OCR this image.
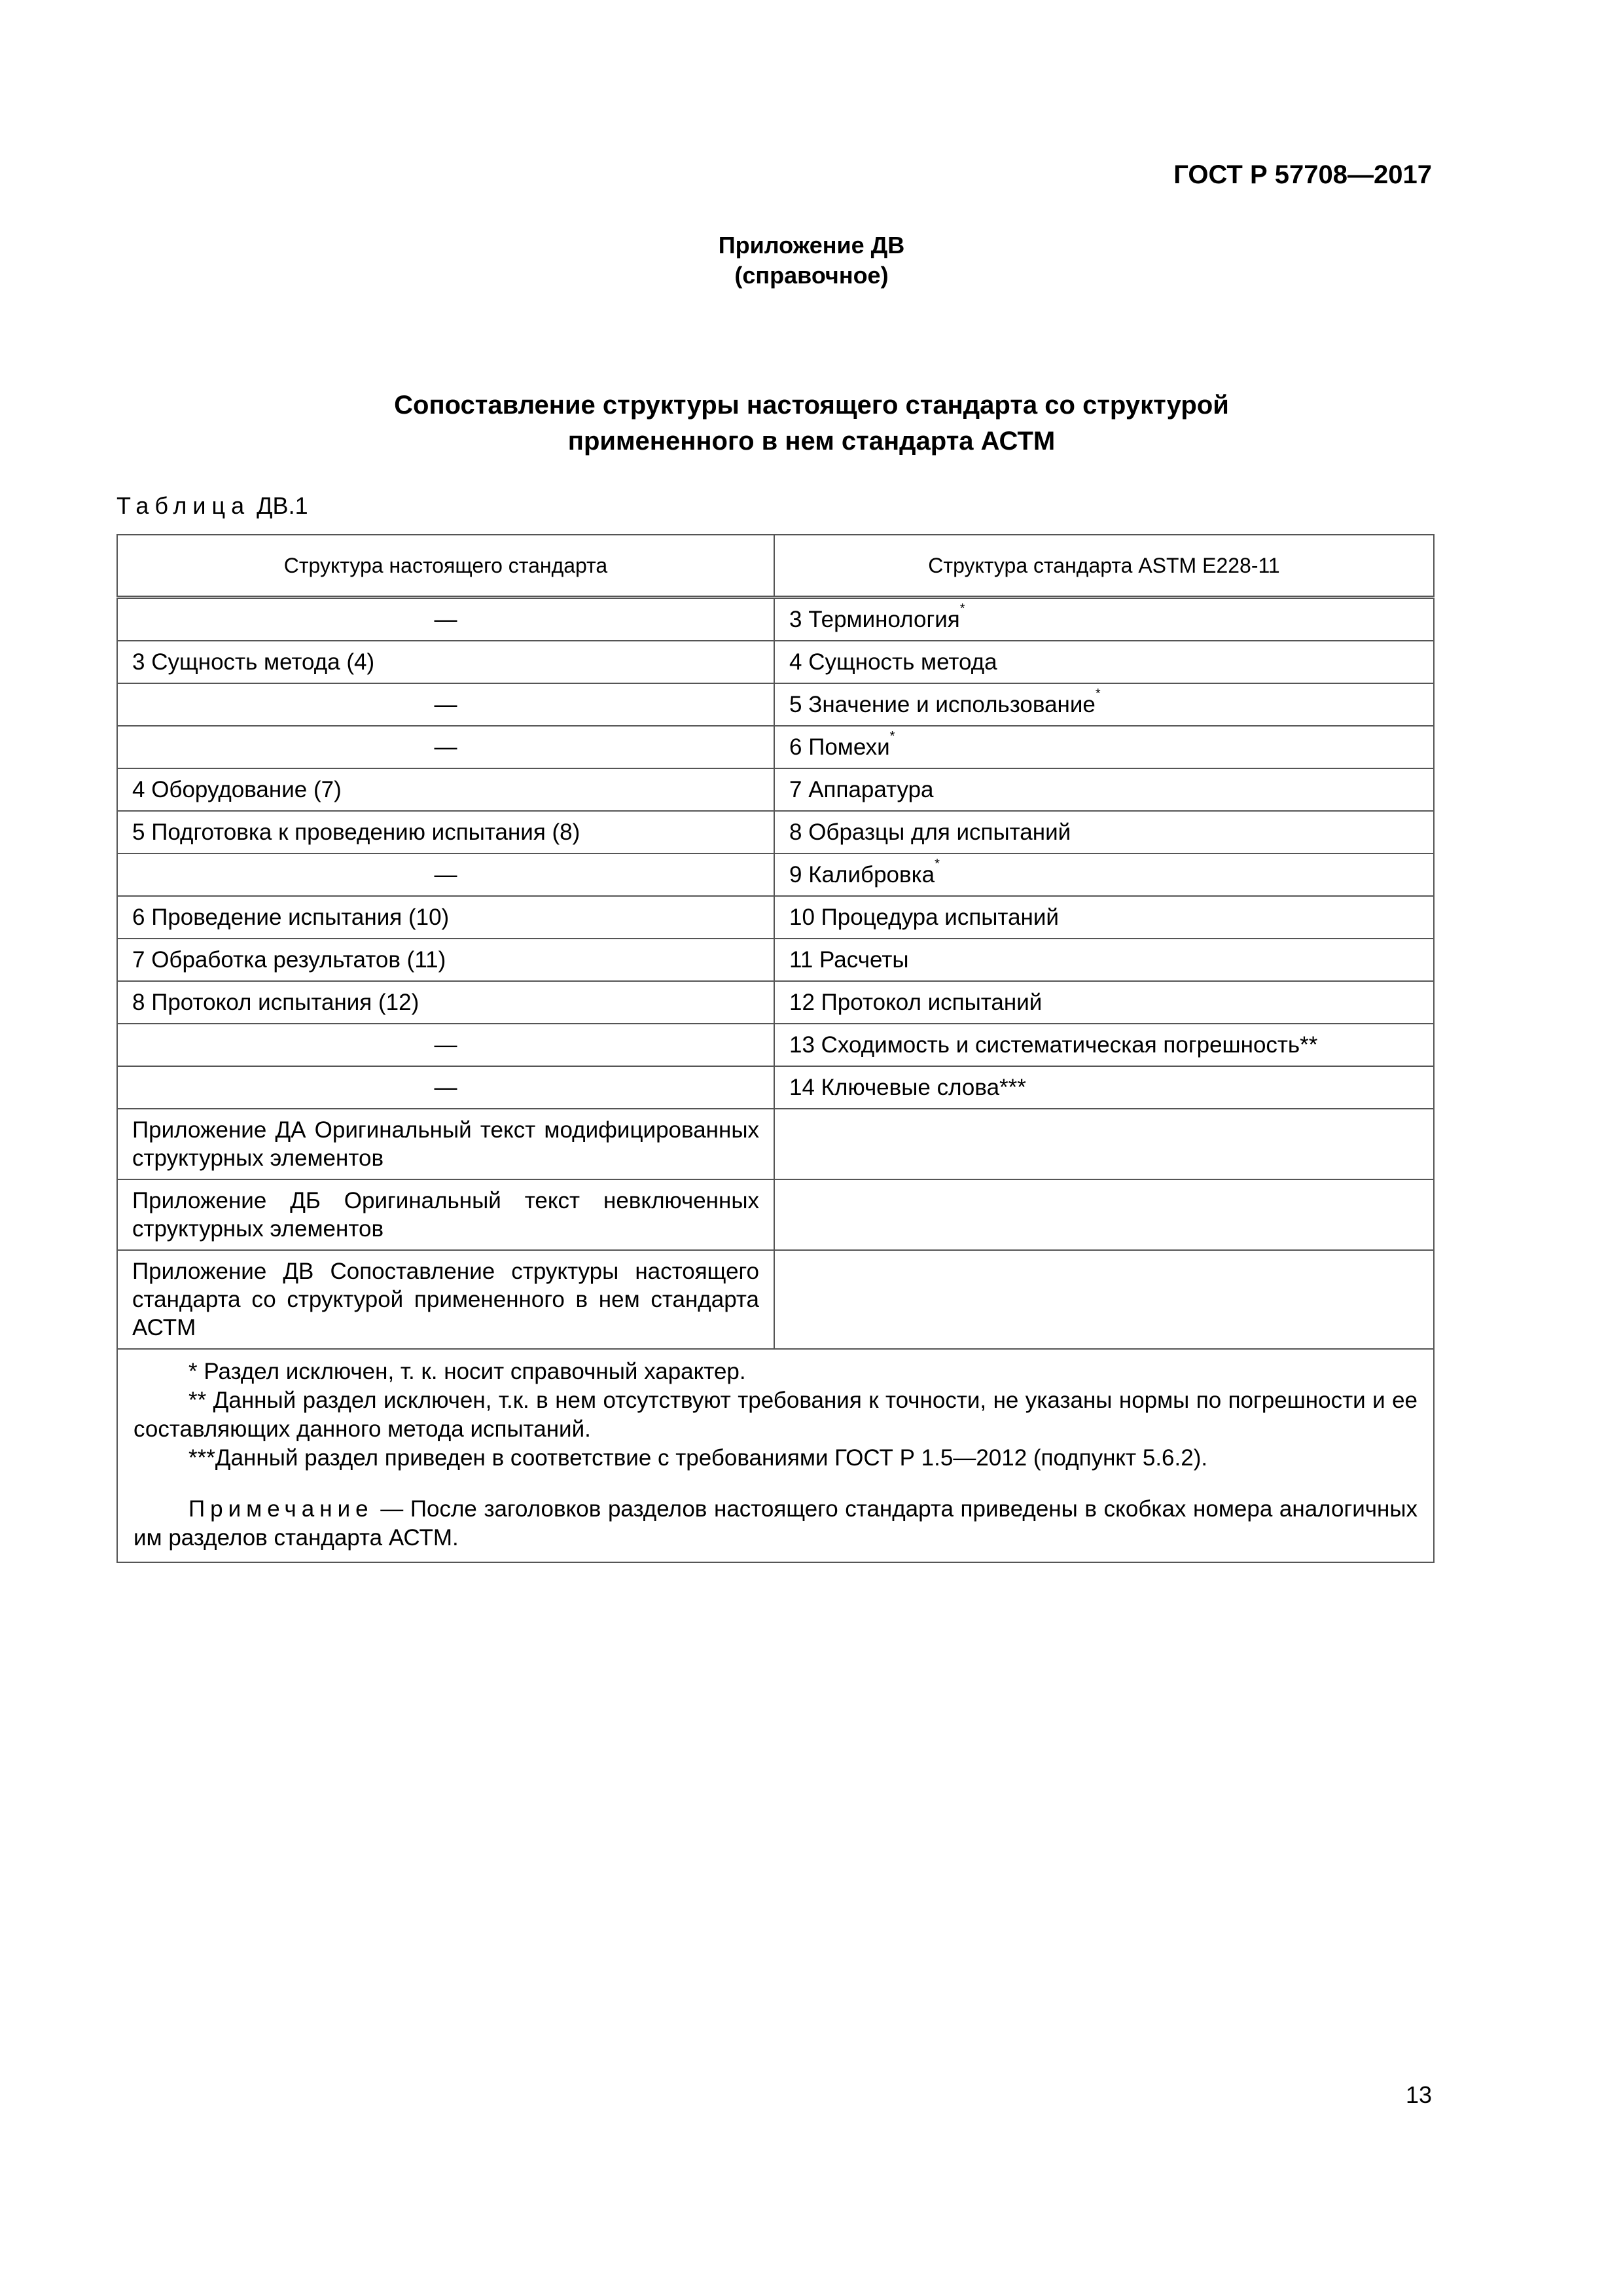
ГОСТ Р 57708—2017
Приложение ДВ
(справочное)
Сопоставление структуры настоящего стандарта со структурой
примененного в нем стандарта АСТМ
Таблица ДВ.1
Структура настоящего стандарта	Структура стандарта ASTM E228-11
—	3 Терминология*
3 Сущность метода (4)	4 Сущность метода
—	5 Значение и использование*
—	6 Помехи*
4 Оборудование (7)	7 Аппаратура
5 Подготовка к проведению испытания (8)	8 Образцы для испытаний
—	9 Калибровка*
6 Проведение испытания (10)	10 Процедура испытаний
7 Обработка результатов (11)	11 Расчеты
8 Протокол испытания (12)	12 Протокол испытаний
—	13 Сходимость и систематическая погрешность**
—	14 Ключевые слова***
Приложение ДА Оригинальный текст модифицированных структурных элементов	
Приложение ДБ Оригинальный текст невключенных структурных элементов	
Приложение ДВ Сопоставление структуры настоящего стандарта со структурой примененного в нем стандарта АСТМ	

* Раздел исключен, т. к. носит справочный характер.

** Данный раздел исключен, т.к. в нем отсутствуют требования к точности, не указаны нормы по погрешности и ее составляющих данного метода испытаний.

***Данный раздел приведен в соответствие с требованиями ГОСТ Р 1.5—2012 (подпункт 5.6.2).

Примечание — После заголовков разделов настоящего стандарта приведены в скобках номера аналогичных им разделов стандарта АСТМ.	

13
